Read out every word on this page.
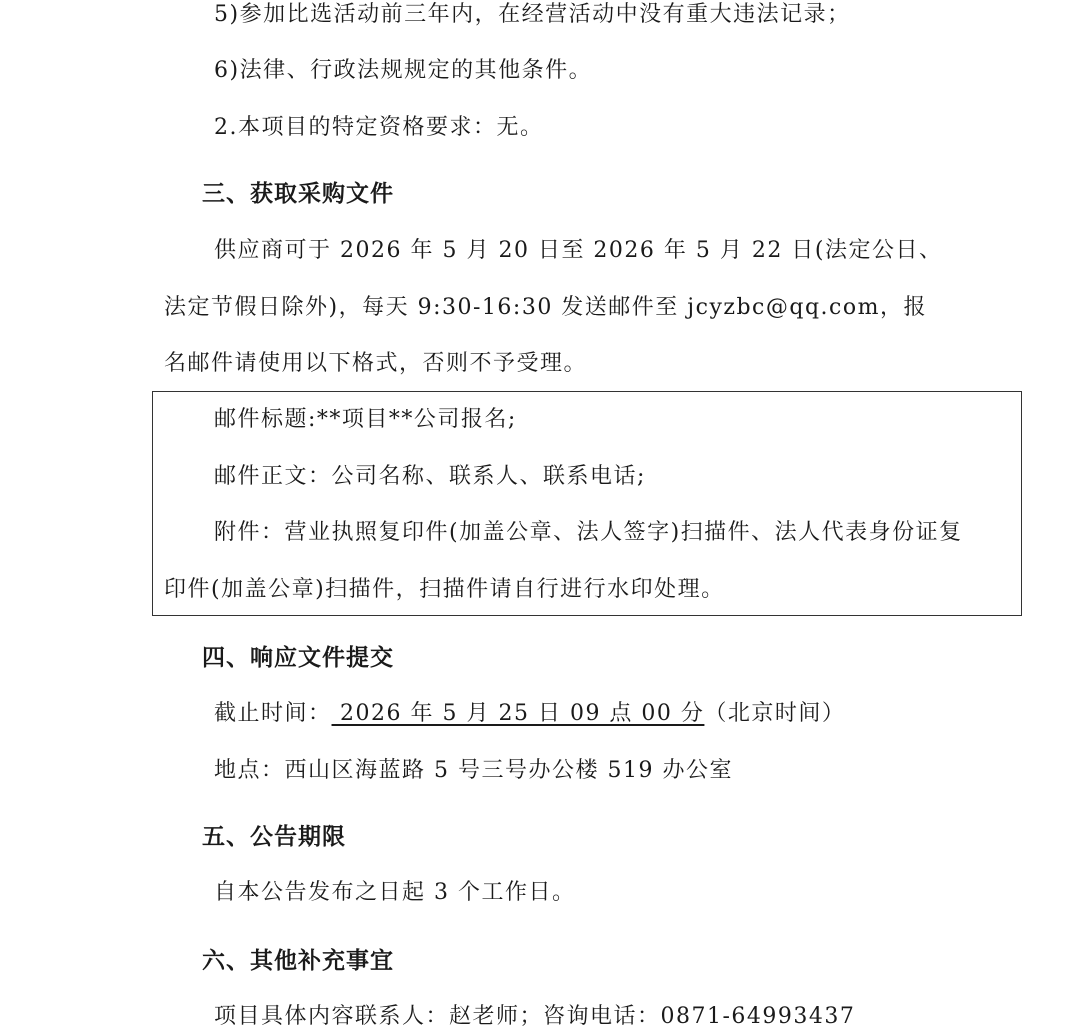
5)参加比选活动前三年内，在经营活动中没有重大违法记录；
6)法律、行政法规规定的其他条件。
2.本项目的特定资格要求：无。
三、获取采购文件
供应商可于 2026 年 5 月 20 日至 2026 年 5 月 22 日(法定公日、
法定节假日除外)，每天 9:30-16:30 发送邮件至 jcyzbc@qq.com，报
名邮件请使用以下格式，否则不予受理。
邮件标题:**项目**公司报名;
邮件正文：公司名称、联系人、联系电话;
附件：营业执照复印件(加盖公章、法人签字)扫描件、法人代表身份证复
印件(加盖公章)扫描件，扫描件请自行进行水印处理。
四、响应文件提交
截止时间： 2026 年 5 月 25 日 09 点 00 分（北京时间）
地点：西山区海蓝路 5 号三号办公楼 519 办公室
五、公告期限
自本公告发布之日起 3 个工作日。
六、其他补充事宜
项目具体内容联系人：赵老师；咨询电话：0871-64993437
